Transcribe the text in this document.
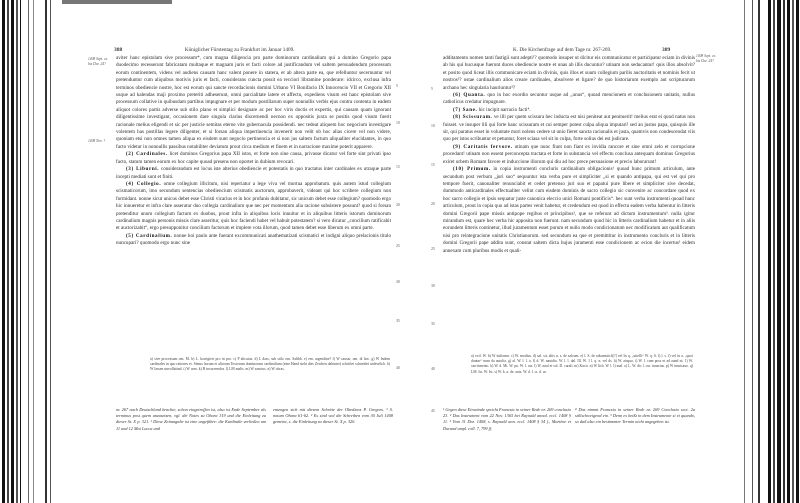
388	Königlicher Fürstentag zu Frankfurt im Januar 1409.
1408 Sept. ex. bis Dez. 24?
1408 Nov. ?

aviter hanc epistolam sive processum*, cum magna diligencia pro parte dominorum cardinalium qui a domino Gregorio papa duodecimo recesserunt fabricatam multaque et magnam juris et facti colore ad justificandum vel saltem persuadendum processum eorum continentem, videns vel audiens causam hanc valent ponere in statera, et ab altera parte ea, que refelluntur secernuntur vel pretenduntur cum aliquibus motivis juris et facti, considerans cuncta possit ea recciori libramine ponderare: idcirco, exclusa infra terminos obediencie nostre, hoc est eorum qui sancte recordacionis domini Urbano VI Bonifacio IX Innocencio VII et Gregorio XII usque ad kalendas maji proximo preteriti adheserunt, omni parcialitate latere et affectu, expediens visum est hanc epistolam sive processum collative in quibusdam partibus impugnare et per modum postillarum super nonnullis verbis ejus contra contenta in eadem aliquot colores partis adverse sub stilo plano et simplici designare ac per hoc viris doctis et expertis, qui causam quam ignorant diligentissime investigant, occasionem dare singula clarius discernendi necnon ex oppositis juxta se positis quod visum fuerit racionale melius eligendi et sic per justicie semitas eterne vite gubernacula possidendi. nec tedeat aliquem hoc negocium investigare volentem has postillas legere diligenter, et si forsan aliqua impertinencia invenerit non velit ob hoc alias cicere vel non videre, quoniam etsi non omnes tamen aliqua ex eisdem sunt negocio pertinencia et si non jus saltem factum aliqualiter elucidantes, in quo facto videtur in nonnullis passibus notabiliter deviatum prout circa medium et finem et in narracione maxime poterit apparere.

(2) Cardinales. licet dominus Gregorius papa XII istos, et forte non sine causa, privasse dicatur vel forte sint privati ipso facto, statum tamen eorum ex hoc capite quoad presens non oportet in dubium revocari.

(3) Liburni. considerandum est locus iste alterius obediencie et potestatis in quo tractatus inter cardinales ex utraque parte incepti mediati sunt et finiti.

(4) Collegio. omne collegium illicitum, nisi reperiatur a lege viva vel mortua approbatum. quis autem istud collegium scismaticorum, imo secundum sentencias obediencium scismatis auctorum, approbaverit, videant qui hoc scribere collegium non formidant. nonne sicut unicus debet esse Christi vicarius et in hoc profanis dubitatur, sic unicum debet esse collegium? quomodo ergo hic innueretur et infra clare asseratur duo collegia cardinalium que nec per momentum alia racione subsistere possunt? quod si forsan pretenditur unum collegium factum ex duobus, prout infra in aliquibus locis innuitur et in aliquibus litteris istorum dominorum cardinalium magnis personis missis clare asseritur, quis hoc faciendi habet vel habuit potestatem? si vero dicatur „concilium ratificabit et auctorizabit“, ergo presupponitur concilium factorum et implere vota illorum, quod tamen debet esse liberum ex omni parte.

(5) Cardinalium. nonne hoi paulo ante fuerant excommunicati anathematizati scismatici et indigni aliquo prelacionis titulo nuncupari? quomodo ergo nunc sine

5
10
15
20
25
30
35
40
a) sive processum om. M. b) L. korrigiert pro in pro. c) P alicuius. d) L dass, sub stilo om. Saltbb. e) em. argendine? f) W causar, om. di hoc. g) W Indem cardinales in quo rationes et. Simus horum et aliorum Textorum dominorum cardinalium (eine Hand steht dies Zeichen dahinter) schriftet schneidet unleselich. h) W lassen unvollständ. i) W ures. k) B incurvendos. l) LM malis. m) W sanctus. n) W citras.
nr. 267 nach Deutschland brachte, schon eingetroffen ist, also ist Ende September als terminus post quem anzusetzen, vgl. die Notes zu Ohara 319 und die Einleitung zu dieser St. X p. 321. ¹ Diese Zeitangabe ist eine ungefähre: die Kardinäle verließen am 11 und 12 Mai Lucca und
entzogen sich mit diesem Schritte der Obedienz P. Gregors. ² S. notum Ohara 61-62. ³ Es sind wol die Schreiben vom 30 Juli 1408 gemeint, s. die Einleitung zu dieser St. X p. 320.
K. Die Kirchenfrage auf dem Tage nr. 267-269.	389
1408 Sept. ex. bis Dez. 24?

additamento nomen tanti fastigii sunt adepti¹? quomodo insuper ut dicitur eis communicatur et participatur eciam in divinis ab his qui hucusque fuerunt duces obediencie nostre et unas ab illis ducuntur? utinam non seducantur! quis illos absolvit? et posito quod liceat illis communicare eciam in divinis, quis illos et suum collegium parilis auctoritatis et nominis fecit ut nostros²? ostae cardinalium alios creare cardinales, absolvere et ligare? de quo historiarum exemplo aut scripturarum archano hec singularia hauriuntur³?

(6) Quanta. quo in hoc exordio secuntur usque ad „unus“, quoad mencionem et conclusionem unitatis, nullus catholicus credatur impugnare.

(7) Sane. hic incipit narracio facti⁴.

(8) Scissuram. ve illi per quem scissura hec inducta est nisi peniteat aut penituerit! melius erat ei quod natus non fuisset. ve insuper illi qui forte hanc scissuram et cui semper potest culpa aliqua imputari! sed an justus papa, quisquis ille sit, qui paratus esset in voluntate mori nolens cedere ut unio fieret sancta racionalis et justa, quamvis non condescendat viis quo per istos scribuntur et petuntur, foret sciasa vel sit in culpa, forte solius dei est judicare.

(9) Caritatis fervore. utinam que nunc fiunt non fiant ex invidia rancore et sine omni zelo et corrupcione procedant! utinam non essent perconcepta tractata et forte in substancia vel effectu conclusa antequam dominus Gregorius exiret urbem Romam favore et induccione illorum qui diu ad hoc prece persuasione et precio laborarunt!

(10) Primum. in copia instrumenti concluris cardinalium obligacionis¹ quoad hunc primum articulum, ante secundum post verbum „juri suo“ sequuntur ista verba pure et simpliciter „si et quando antipapa, qui est vel qui pro tempore fuerit, canonaliter renunciabit et cedet pretenso juri suo et papatui pure libere et simpliciter sive decedat, dummodo anticardinales effectualiter velint cum eisdem dominis de sacro collegio sic convenire ac concordare quod ex hoc sacro collegio et ipsis sequatur juste canonica eleccio unici Romani pontificis“. hec sunt verba instrumenti quoad hunc articulum, prout in copia quo ad istas partes venit habetur, et credendum est quod in effectu eadem verba habentur in litteris domini Gregorii pape missis antipope regibus et principibus², que se referunt ad dictum instrumentum³. nulla igitur mirandum est, quare hec verba hic apposita non fuerunt. nam secundum quod hic in litteris cardinalium habetur et in aliis eorundem litteris continetur, illud juramentum esset purum et nullo modo condicionatum nec modificatum aut qualificatum nisi pro reintegracione unitatis Christianorum. sed secundum ea que et premittitur in instrumento concluris et in litteris domini Gregorii pape addita sunt, constat saltem dicta hujus juramenti esse condicionem ac ecion die incertus¹ eidem annexam cum pluribus modis et quali-

5
10
15
20
25
30
35
40
45
a) vvtl. W. b) W ituliomn. c) W. modius. d) sal. sit, aliis u. s. de salcum. e) l. S. de adsumstich[?] vel lis q. „uitelli“ W. q. S. f) l. s. f) vel in a. „quoi duntar“ num da autolia. g) al. W. l. l. a. f) d. W. nauidio. W. l. l. dal. Ill. W. 1 l. q. n. vel ds. h) W. aisquo. i) W. l. cum poss et ad aund ni. 1) W. carritusenio. k) W. d. Mi. W. pu. W. l. cur. l) W. naal et sol. D. curali. m) Kucti. n) W lich. W. l. l) mal. o) L. W. dic l. cur. inuarius. p) W inmicauo. q) LM. Ist. W. Ist. s) W. k. a. de. auis. W. d. l. cr. d. ur.
¹ Gegen diese Einwände spricht Francsia in seiner Rede nr. 269 conclusio 23. ² Das Instrument vom 22 Nov. 1365 bei Raynald annal. eccl. 1408 § 11. ³ Vom 31 Dez. 1408, s. Raynald ann. eccl. 1408 § 34 f., Martène et Durand ampl. coll. 7, 799 ff.
⁴ Das nimmt Francsia in seiner Rede nr. 269 Conclusio sect. 2a stillschweigend ein. ⁵ Denn es heißt in dem Instrumente si et quando, so daß also ein bestimmter Termin nicht angegeben ist.
